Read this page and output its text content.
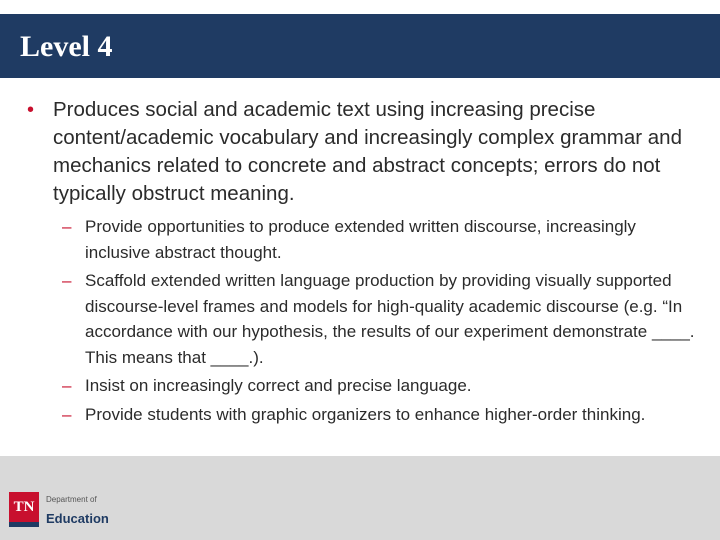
Level 4
• Produces social and academic text using increasing precise content/academic vocabulary and increasingly complex grammar and mechanics related to concrete and abstract concepts; errors do not typically obstruct meaning.
– Provide opportunities to produce extended written discourse, increasingly inclusive abstract thought.
– Scaffold extended written language production by providing visually supported discourse-level frames and models for high-quality academic discourse (e.g. “In accordance with our hypothesis, the results of our experiment demonstrate ____. This means that ____.).
– Insist on increasingly correct and precise language.
– Provide students with graphic organizers to enhance higher-order thinking.
TN	Department of
Education
